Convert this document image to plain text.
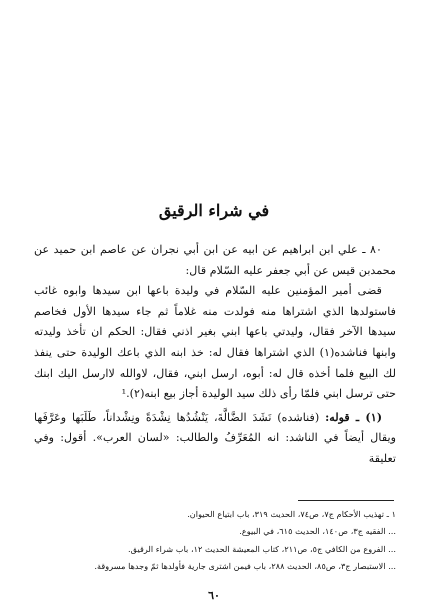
في شراء الرقيق

٨٠ ـ علي ابن ابراهيم عن ابيه عن ابن أبي نجران عن عاصم ابن حميد عن محمدبن قيس عن أبي جعفر عليه السّلام قال:

قضى أمير المؤمنين عليه السّلام في وليدة باعها ابن سيدها وابوه غائب فاستولدها الذي اشتراها منه فولدت منه غلاماً ثم جاء سيدها الأول فخاصم سيدها الآخر فقال، وليدتي باعها ابني بغير اذني فقال: الحكم ان تأخذ وليدته وابنها فناشده(١) الذي اشتراها فقال له: خذ ابنه الذي باعك الوليدة حتى ينفذ لك البيع فلما أخذه قال له: أبوه، ارسل ابني، فقال، لاوالله لاارسل اليك ابنك حتى ترسل ابني فلمّا رأى ذلك سيد الوليدة أجاز بيع ابنه(٢).¹

(١) ـ قوله: (فناشده) نَشَدَ الضَّالَّةَ، يَنْشُدُها نِشْدَةً ونِشْداناً، طَلَبَها وعَرَّفَها ويقال أيضاً في الناشد: انه المُعَرِّفُ والطالب: «لسان العرب». أقول: وفي تعليقة

١ ـ تهذيب الأحكام ج٧، ص٧٤، الحديث ٣١٩، باب ابتياع الحيوان.
... الفقيه ج٣، ص١٤٠، الحديث ٦١٥، في البيوع.
... الفروع من الكافي ج٥، ص٢١١، كتاب المعيشة الحديث ١٢، باب شراء الرقيق.
... الاستبصار ج٣، ص٨٥، الحديث ٢٨٨، باب فيمن اشترى جارية فأولدها ثمّ وجدها مسروقة.
٦٠
